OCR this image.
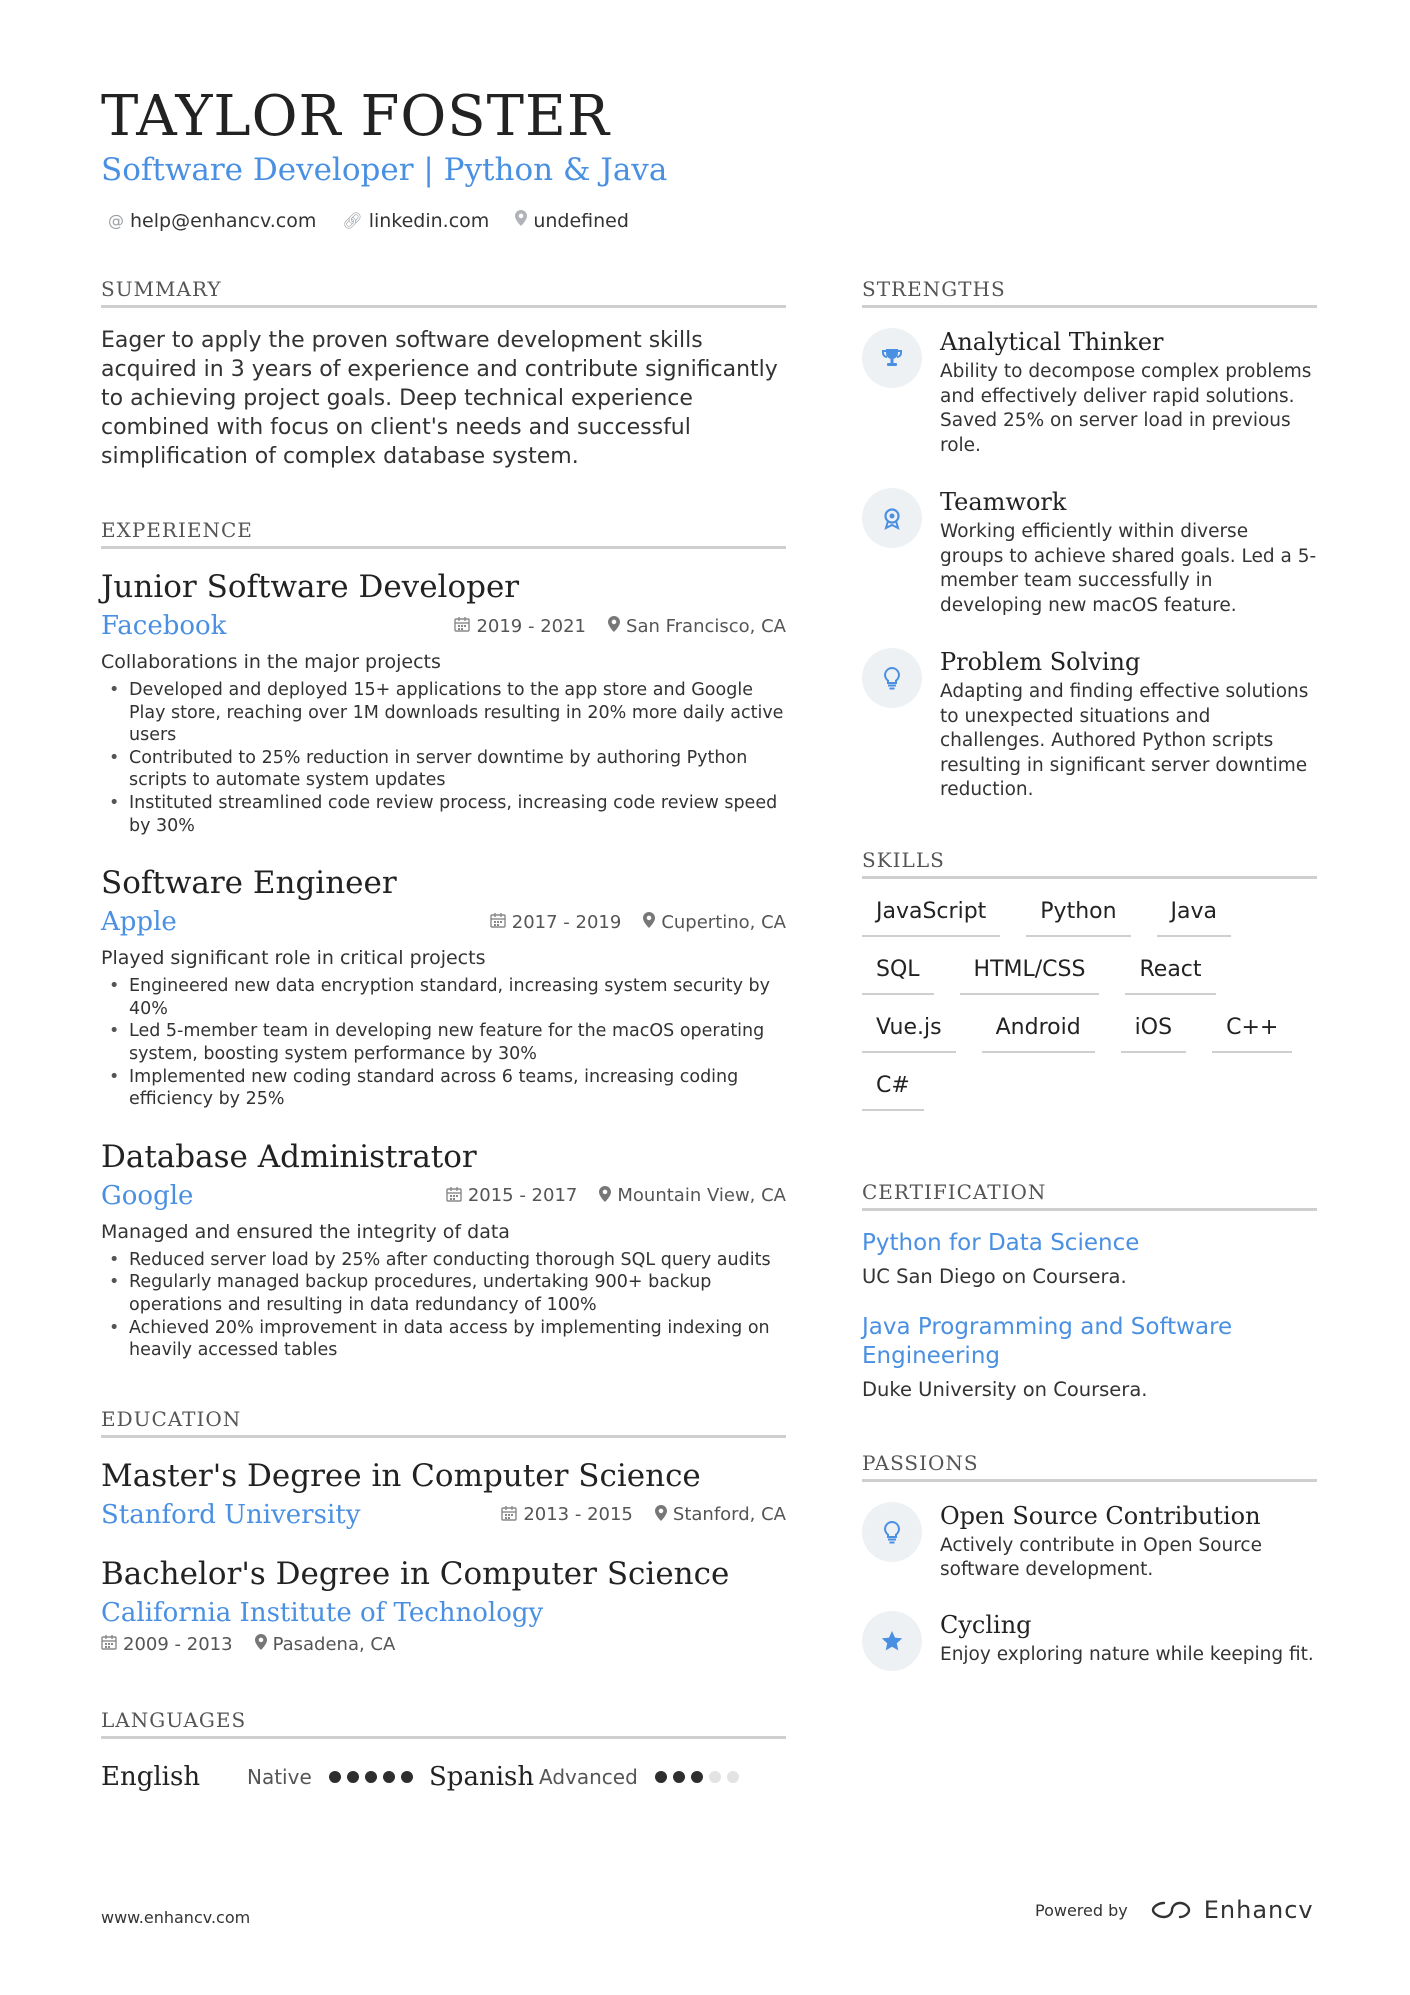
TAYLOR FOSTER
Software Developer | Python & Java
@ help@enhancv.com 🔗︎ linkedin.com undefined
SUMMARY

Eager to apply the proven software development skills acquired in 3 years of experience and contribute significantly to achieving project goals. Deep technical experience combined with focus on client's needs and successful simplification of complex database system.

EXPERIENCE
Junior Software Developer
Facebook	2019 - 2021 San Francisco, CA
Collaborations in the major projects
• Developed and deployed 15+ applications to the app store and Google Play store, reaching over 1M downloads resulting in 20% more daily active users
• Contributed to 25% reduction in server downtime by authoring Python scripts to automate system updates
• Instituted streamlined code review process, increasing code review speed by 30%
Software Engineer
Apple	2017 - 2019 Cupertino, CA
Played significant role in critical projects
• Engineered new data encryption standard, increasing system security by 40%
• Led 5-member team in developing new feature for the macOS operating system, boosting system performance by 30%
• Implemented new coding standard across 6 teams, increasing coding efficiency by 25%
Database Administrator
Google	2015 - 2017 Mountain View, CA
Managed and ensured the integrity of data
• Reduced server load by 25% after conducting thorough SQL query audits
• Regularly managed backup procedures, undertaking 900+ backup operations and resulting in data redundancy of 100%
• Achieved 20% improvement in data access by implementing indexing on heavily accessed tables
EDUCATION
Master's Degree in Computer Science
Stanford University	2013 - 2015 Stanford, CA
Bachelor's Degree in Computer Science
California Institute of Technology
2009 - 2013 Pasadena, CA
LANGUAGES
English	Native	Spanish Advanced
STRENGTHS
Analytical Thinker
Ability to decompose complex problems and effectively deliver rapid solutions. Saved 25% on server load in previous role.
Teamwork
Working efficiently within diverse groups to achieve shared goals. Led a 5-member team successfully in developing new macOS feature.
Problem Solving
Adapting and finding effective solutions to unexpected situations and challenges. Authored Python scripts resulting in significant server downtime reduction.
SKILLS
JavaScript	Python	Java
SQL	HTML/CSS	React
Vue.js	Android	iOS	C++
C#
CERTIFICATION
Python for Data Science
UC San Diego on Coursera.
Java Programming and Software Engineering
Duke University on Coursera.
PASSIONS
Open Source Contribution
Actively contribute in Open Source software development.
Cycling
Enjoy exploring nature while keeping fit.
www.enhancv.com	Powered by	Enhancv
